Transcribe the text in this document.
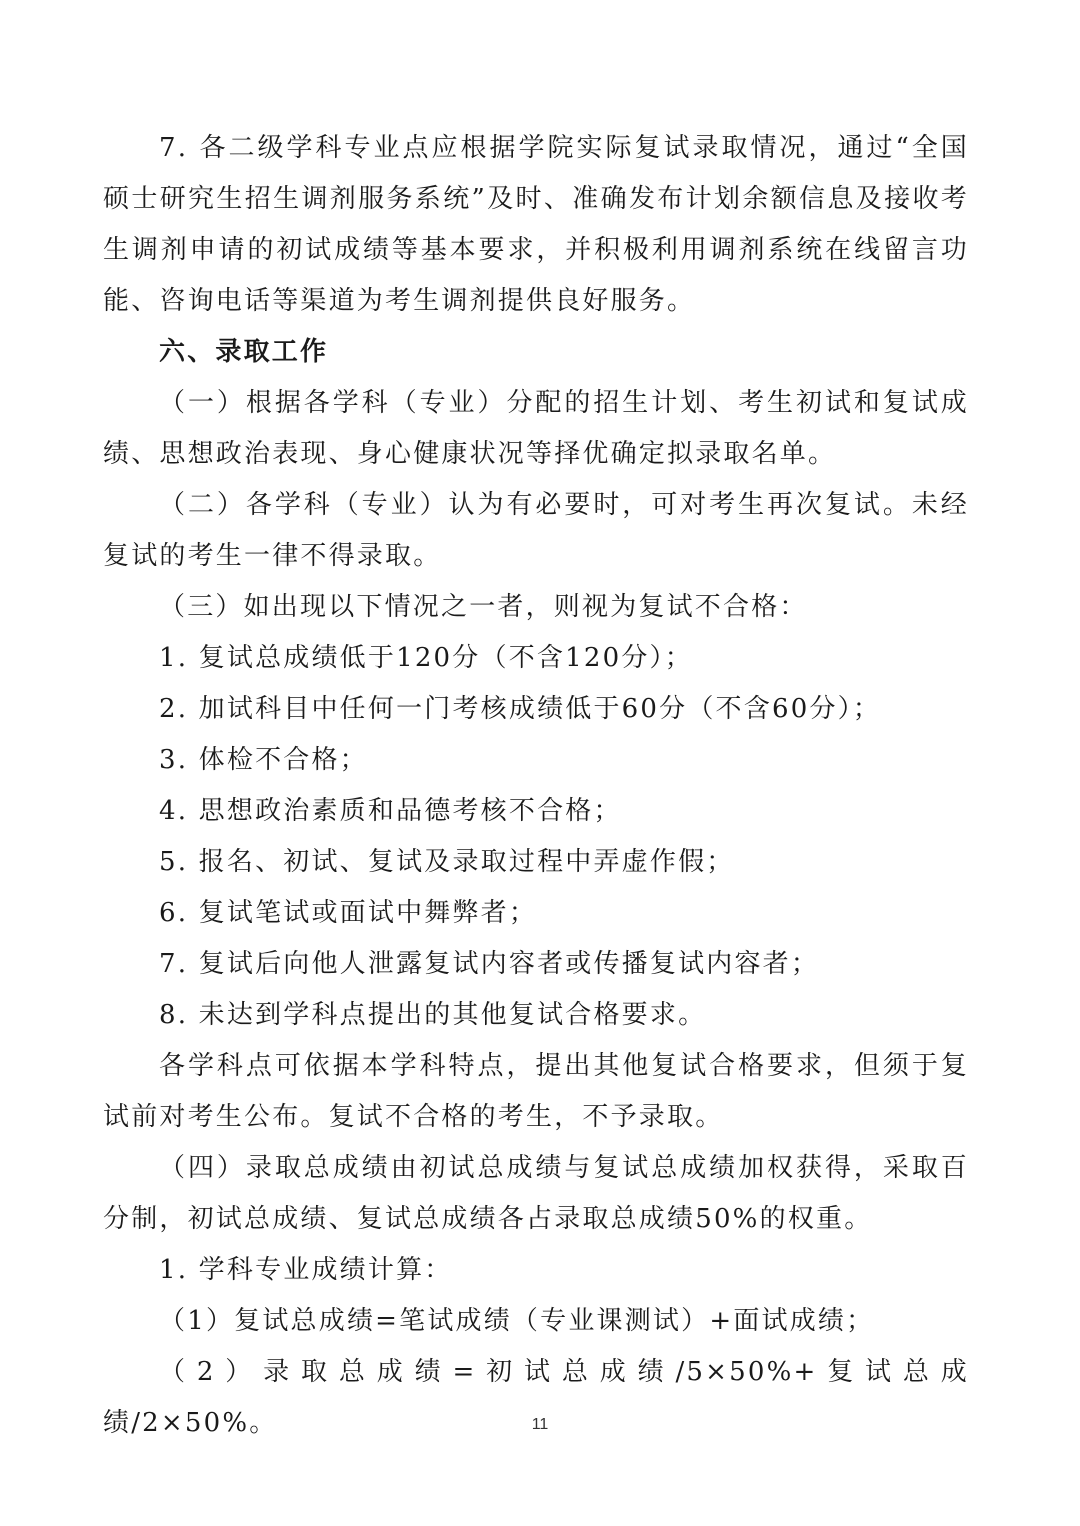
7. 各二级学科专业点应根据学院实际复试录取情况，通过“全国硕士研究生招生调剂服务系统”及时、准确发布计划余额信息及接收考生调剂申请的初试成绩等基本要求，并积极利用调剂系统在线留言功能、咨询电话等渠道为考生调剂提供良好服务。

六、录取工作

（一）根据各学科（专业）分配的招生计划、考生初试和复试成绩、思想政治表现、身心健康状况等择优确定拟录取名单。

（二）各学科（专业）认为有必要时，可对考生再次复试。未经复试的考生一律不得录取。

（三）如出现以下情况之一者，则视为复试不合格：

1. 复试总成绩低于120分（不含120分）；

2. 加试科目中任何一门考核成绩低于60分（不含60分）；

3. 体检不合格；

4. 思想政治素质和品德考核不合格；

5. 报名、初试、复试及录取过程中弄虚作假；

6. 复试笔试或面试中舞弊者；

7. 复试后向他人泄露复试内容者或传播复试内容者；

8. 未达到学科点提出的其他复试合格要求。

各学科点可依据本学科特点，提出其他复试合格要求，但须于复试前对考生公布。复试不合格的考生，不予录取。

（四）录取总成绩由初试总成绩与复试总成绩加权获得，采取百分制，初试总成绩、复试总成绩各占录取总成绩50%的权重。

1. 学科专业成绩计算：

（1）复试总成绩=笔试成绩（专业课测试）+面试成绩；

（2）录取总成绩=初试总成绩/5×50%+复试总成绩/2×50%。	11
